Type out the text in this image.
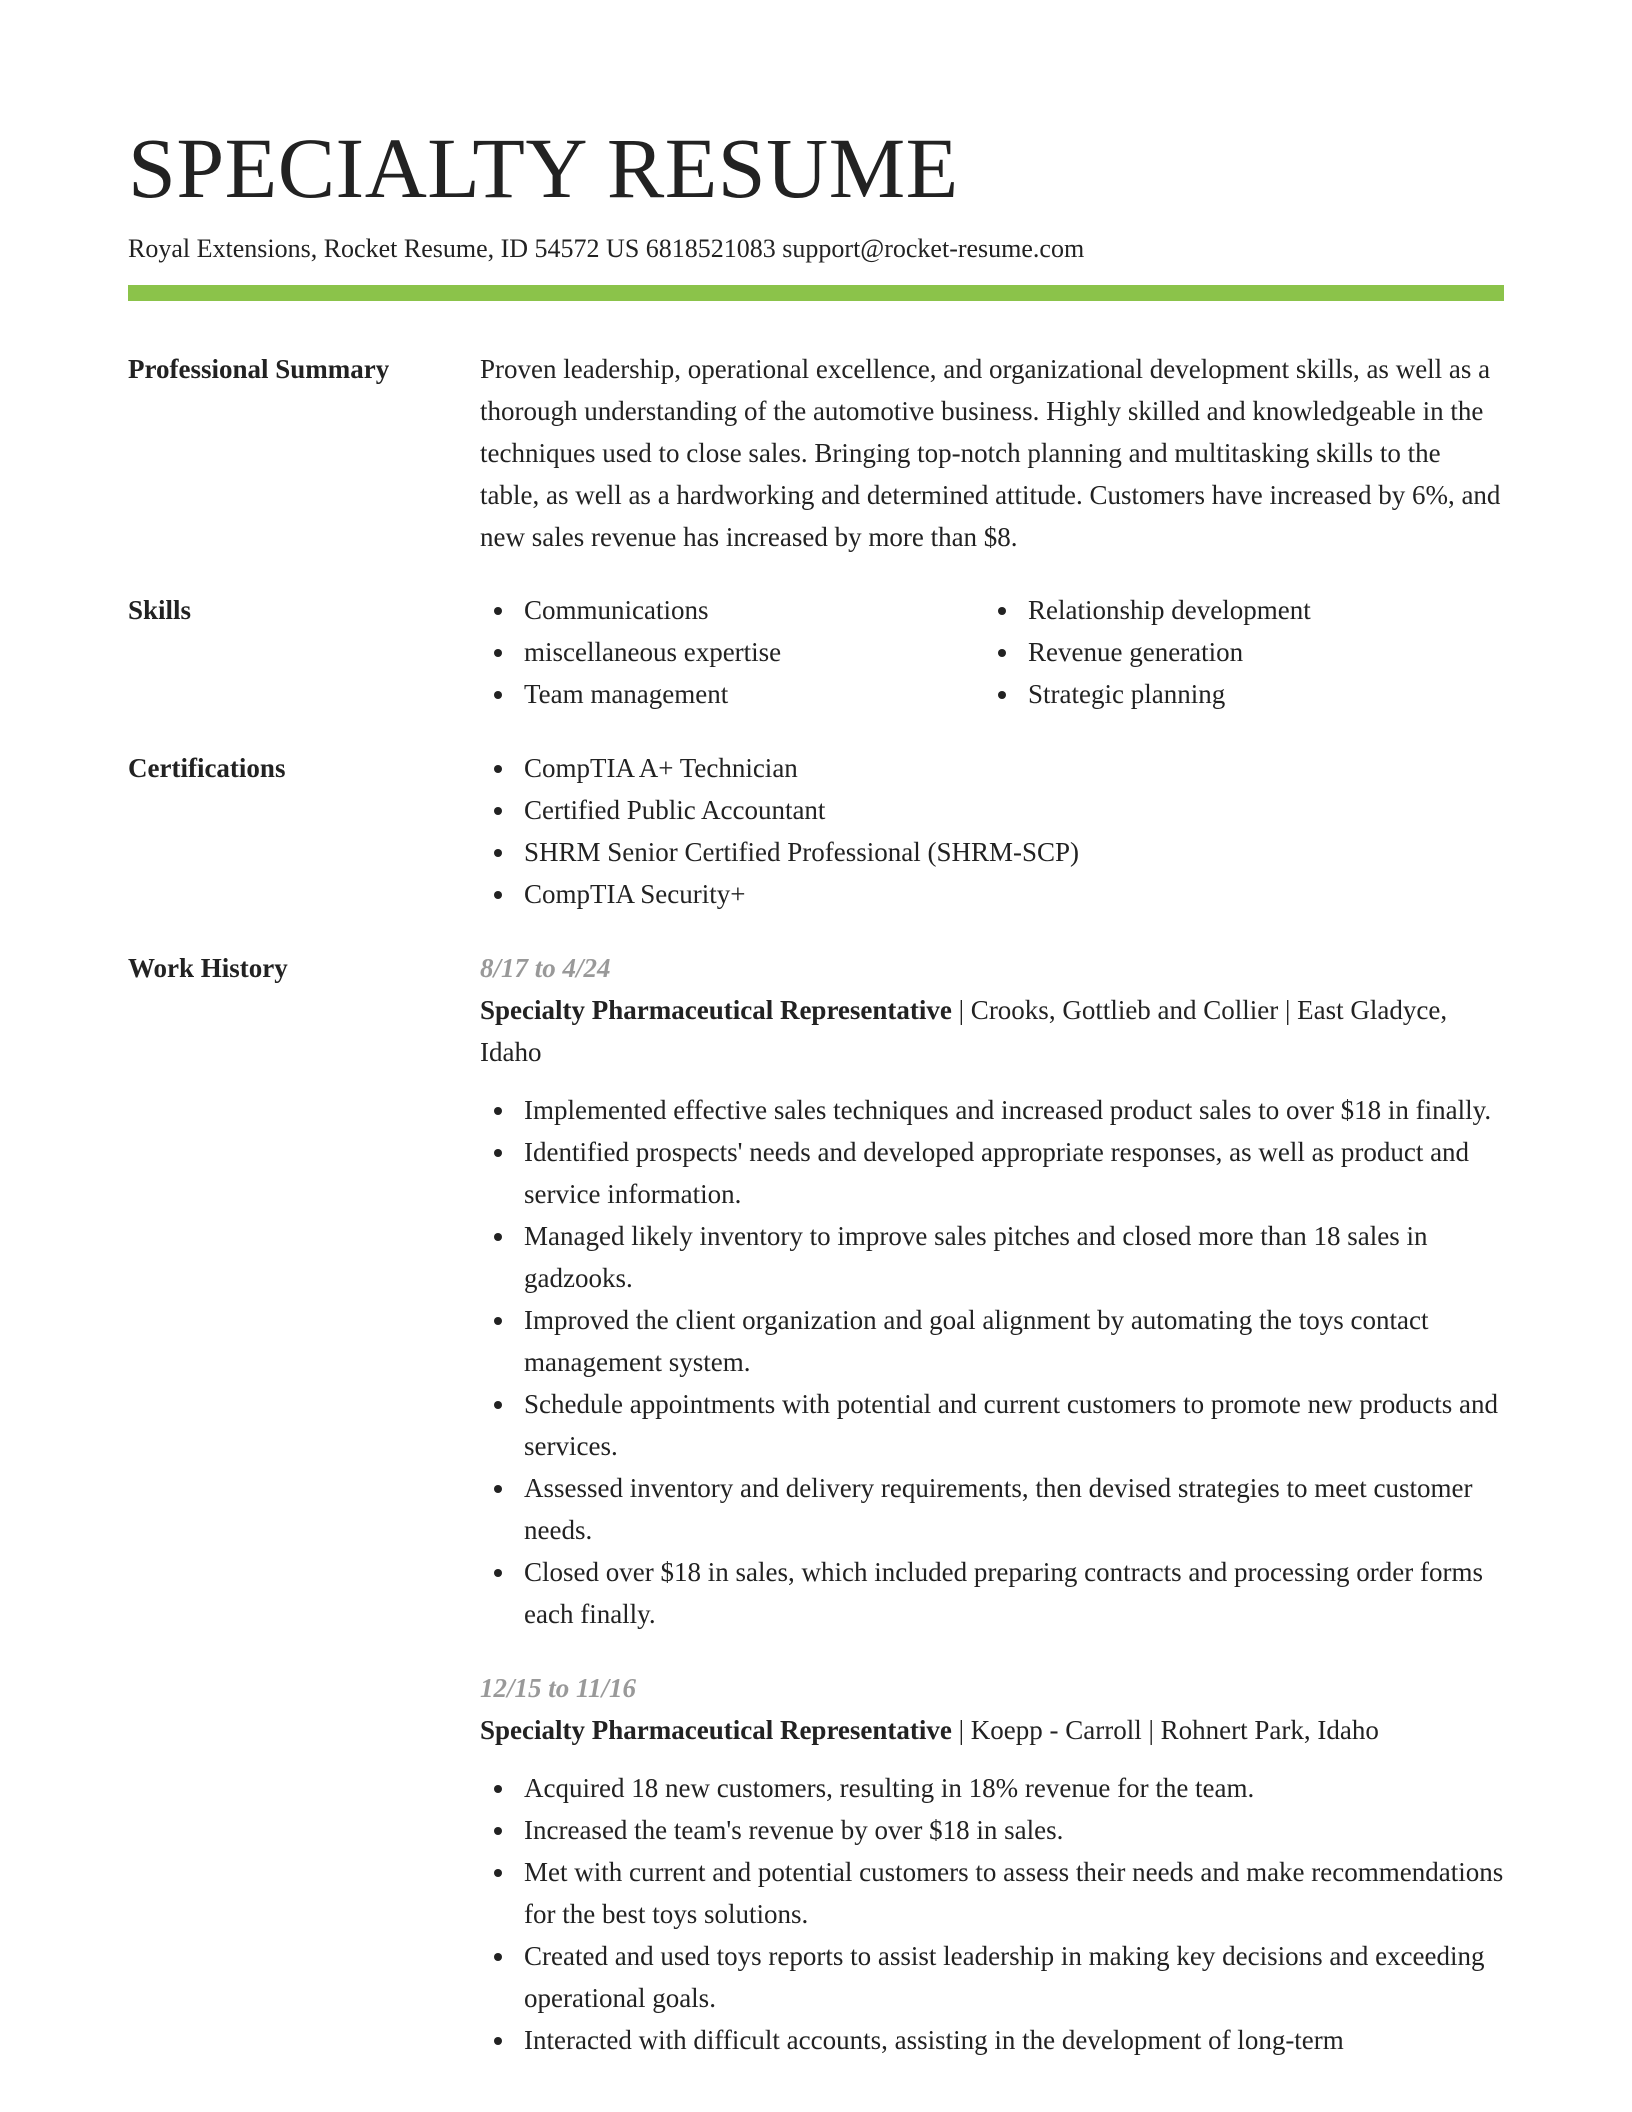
SPECIALTY RESUME
Royal Extensions, Rocket Resume, ID 54572 US 6818521083 support@rocket-resume.com
Professional Summary	Proven leadership, operational excellence, and organizational development skills, as well as a thorough understanding of the automotive business. Highly skilled and knowledgeable in the techniques used to close sales. Bringing top-notch planning and multitasking skills to the table, as well as a hardworking and determined attitude. Customers have increased by 6%, and new sales revenue has increased by more than $8.

Skills	Communications
miscellaneous expertise
Team management
Relationship development
Revenue generation
Strategic planning
Certifications	CompTIA A+ Technician
Certified Public Accountant
SHRM Senior Certified Professional (SHRM-SCP)
CompTIA Security+
Work History	8/17 to 4/24
Specialty Pharmaceutical Representative | Crooks, Gottlieb and Collier | East Gladyce, Idaho
Implemented effective sales techniques and increased product sales to over $18 in finally.
Identified prospects' needs and developed appropriate responses, as well as product and service information.
Managed likely inventory to improve sales pitches and closed more than 18 sales in gadzooks.
Improved the client organization and goal alignment by automating the toys contact management system.
Schedule appointments with potential and current customers to promote new products and services.
Assessed inventory and delivery requirements, then devised strategies to meet customer needs.
Closed over $18 in sales, which included preparing contracts and processing order forms each finally.
12/15 to 11/16
Specialty Pharmaceutical Representative | Koepp - Carroll | Rohnert Park, Idaho
Acquired 18 new customers, resulting in 18% revenue for the team.
Increased the team's revenue by over $18 in sales.
Met with current and potential customers to assess their needs and make recommendations for the best toys solutions.
Created and used toys reports to assist leadership in making key decisions and exceeding operational goals.
Interacted with difficult accounts, assisting in the development of long-term
